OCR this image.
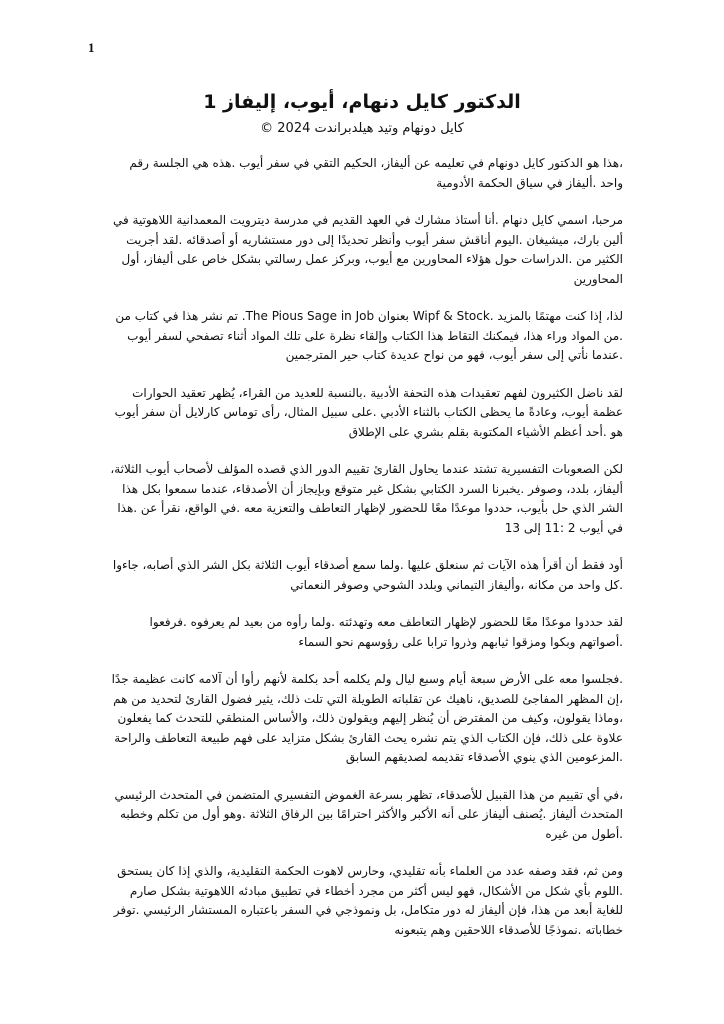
1
الدكتور كايل دنهام، أيوب، إليفاز 1
كايل دونهام وتيد هيلدبراندت 2024 ©

،هذا هو الدكتور كايل دونهام في تعليمه عن أليفاز، الحكيم التقي في سفر أيوب .هذه هي الجلسة رقم واحد .أليفاز في سياق الحكمة الأدومية

مرحبا، اسمي كايل دنهام .أنا أستاذ مشارك في العهد القديم في مدرسة ديترويت المعمدانية اللاهوتية في ألين بارك، ميشيغان .اليوم أناقش سفر أيوب وأنظر تحديدًا إلى دور مستشاريه أو أصدقائه .لقد أجريت الكثير من .الدراسات حول هؤلاء المحاورين مع أيوب، وبركز عمل رسالتي بشكل خاص على أليفاز، أول المحاورين

لذا، إذا كنت مهتمًا بالمزيد .Wipf & Stock بعنوان The Pious Sage in Job. تم نشر هذا في كتاب من .من المواد وراء هذا، فيمكنك التقاط هذا الكتاب وإلقاء نظرة على تلك المواد أثناء تصفحي لسفر أيوب .عندما نأتي إلى سفر أيوب، فهو من نواح عديدة كتاب حير المترجمين

لقد ناضل الكثيرون لفهم تعقيدات هذه التحفة الأدبية .بالنسبة للعديد من القراء، يُظهر تعقيد الحوارات عظمة أيوب، وعادةً ما يحظى الكتاب بالثناء الأدبي .على سبيل المثال، رأى توماس كارلايل أن سفر أيوب هو .أحد أعظم الأشياء المكتوبة بقلم بشري على الإطلاق

لكن الصعوبات التفسيرية تشتد عندما يحاول القارئ تقييم الدور الذي قصده المؤلف لأصحاب أيوب الثلاثة، أليفاز، بلدد، وصوفر .يخبرنا السرد الكتابي بشكل غير متوقع وبإيجاز أن الأصدقاء، عندما سمعوا بكل هذا الشر الذي حل بأيوب، حددوا موعدًا معًا للحضور لإظهار التعاطف والتعزية معه .في الواقع، نقرأ عن .هذا في أيوب 2 :11 إلى 13

أود فقط أن أقرأ هذه الآيات ثم سنعلق عليها .ولما سمع أصدقاء أيوب الثلاثة بكل الشر الذي أصابه، جاءوا .كل واحد من مكانه ،وأليفاز التيماني وبلدد الشوحي وصوفر النعماتي

لقد حددوا موعدًا معًا للحضور لإظهار التعاطف معه وتهدئته .ولما رأوه من بعيد لم يعرفوه .فرفعوا .أصواتهم وبكوا ومزقوا ثيابهم وذروا ترابا على رؤوسهم نحو السماء

.فجلسوا معه على الأرض سبعة أيام وسبع ليال ولم يكلمه أحد بكلمة لأنهم رأوا أن آلامه كانت عظيمة جدًا ،إن المظهر المفاجئ للصديق، ناهيك عن تقلباته الطويلة التي تلت ذلك، يثير فضول القارئ لتحديد من هم ،وماذا يقولون، وكيف من المفترض أن يُنظر إليهم ويقولون ذلك، والأساس المنطقي للتحدث كما يفعلون علاوة على ذلك، فإن الكتاب الذي يتم نشره يحث القارئ بشكل متزايد على فهم طبيعة التعاطف والراحة .المزعومين الذي ينوي الأصدقاء تقديمه لصديقهم السابق

،في أي تقييم من هذا القبيل للأصدقاء، تظهر بسرعة الغموض التفسيري المتضمن في المتحدث الرئيسي المتحدث أليفاز .يُصنف أليفاز على أنه الأكبر والأكثر احترامًا بين الرفاق الثلاثة .وهو أول من تكلم وخطبه .أطول من غيره

ومن ثم، فقد وصفه عدد من العلماء بأنه تقليدي، وحارس لاهوت الحكمة التقليدية، والذي إذا كان يستحق .اللوم بأي شكل من الأشكال، فهو ليس أكثر من مجرد أخطاء في تطبيق مبادئه اللاهوتية بشكل صارم للغاية أبعد من هذا، فإن أليفاز له دور متكامل، بل ونموذجي في السفر باعتباره المستشار الرئيسي .توفر خطاباته .نموذجًا للأصدقاء اللاحقين وهم يتبعونه
